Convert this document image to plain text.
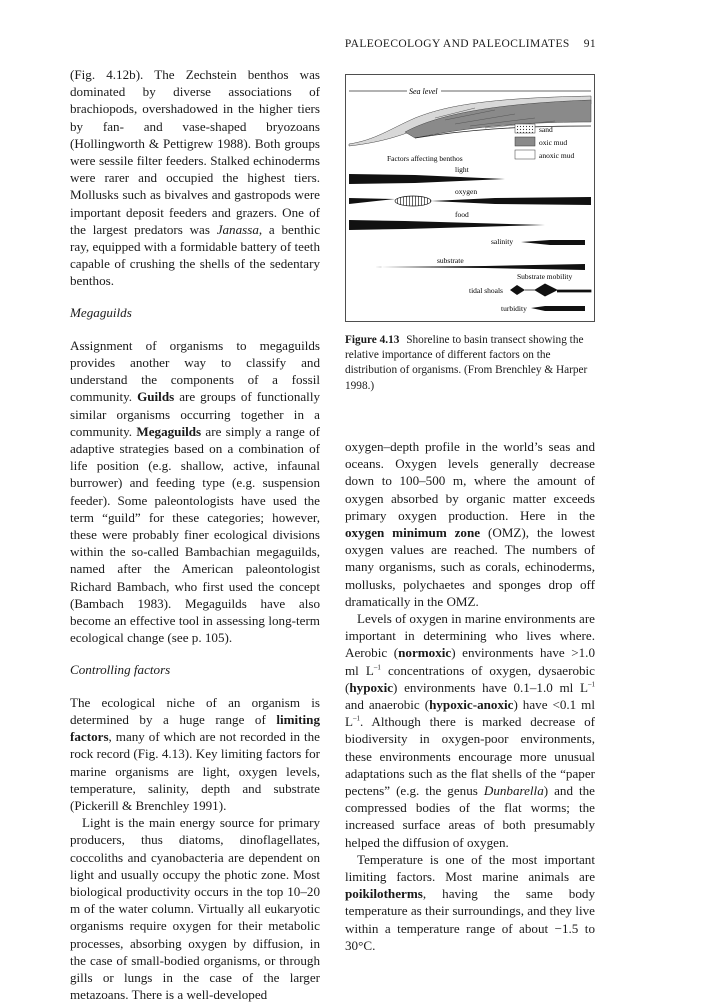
PALEOECOLOGY AND PALEOCLIMATES 91

(Fig. 4.12b). The Zechstein benthos was dominated by diverse associations of brachiopods, overshadowed in the higher tiers by fan- and vase-shaped bryozoans (Hollingworth & Pettigrew 1988). Both groups were sessile filter feeders. Stalked echinoderms were rarer and occupied the highest tiers. Mollusks such as bivalves and gastropods were important deposit feeders and grazers. One of the largest predators was Janassa, a benthic ray, equipped with a formidable battery of teeth capable of crushing the shells of the sedentary benthos.

Megaguilds

Assignment of organisms to megaguilds provides another way to classify and understand the components of a fossil community. Guilds are groups of functionally similar organisms occurring together in a community. Megaguilds are simply a range of adaptive strategies based on a combination of life position (e.g. shallow, active, infaunal burrower) and feeding type (e.g. suspension feeder). Some paleontologists have used the term “guild” for these categories; however, these were probably finer ecological divisions within the so-called Bambachian megaguilds, named after the American paleontologist Richard Bambach, who first used the concept (Bambach 1983). Megaguilds have also become an effective tool in assessing long-term ecological change (see p. 105).

Controlling factors

The ecological niche of an organism is determined by a huge range of limiting factors, many of which are not recorded in the rock record (Fig. 4.13). Key limiting factors for marine organisms are light, oxygen levels, temperature, salinity, depth and substrate (Pickerill & Brenchley 1991).

Light is the main energy source for primary producers, thus diatoms, dinoflagellates, coccoliths and cyanobacteria are dependent on light and usually occupy the photic zone. Most biological productivity occurs in the top 10–20 m of the water column. Virtually all eukaryotic organisms require oxygen for their metabolic processes, absorbing oxygen by diffusion, in the case of small-bodied organisms, or through gills or lungs in the case of the larger metazoans. There is a well-developed

Sea level
sand
oxic mud
anoxic mud
Factors affecting benthos
light
oxygen
food
salinity
substrate
Substrate mobility
tidal shoals
turbidity
Figure 4.13 Shoreline to basin transect showing the relative importance of different factors on the distribution of organisms. (From Brenchley & Harper 1998.)

oxygen–depth profile in the world’s seas and oceans. Oxygen levels generally decrease down to 100–500 m, where the amount of oxygen absorbed by organic matter exceeds primary oxygen production. Here in the oxygen minimum zone (OMZ), the lowest oxygen values are reached. The numbers of many organisms, such as corals, echinoderms, mollusks, polychaetes and sponges drop off dramatically in the OMZ.

Levels of oxygen in marine environments are important in determining who lives where. Aerobic (normoxic) environments have >1.0 ml $L^{-1}$ concentrations of oxygen, dysaerobic (hypoxic) environments have 0.1–1.0 ml $L^{-1}$ and anaerobic (hypoxic-anoxic) have <0.1 ml $L^{-1}$. Although there is marked decrease of biodiversity in oxygen-poor environments, these environments encourage more unusual adaptations such as the flat shells of the “paper pectens” (e.g. the genus Dunbarella) and the compressed bodies of the flat worms; the increased surface areas of both presumably helped the diffusion of oxygen.

Temperature is one of the most important limiting factors. Most marine animals are poikilotherms, having the same body temperature as their surroundings, and they live within a temperature range of about −1.5 to 30°C.
